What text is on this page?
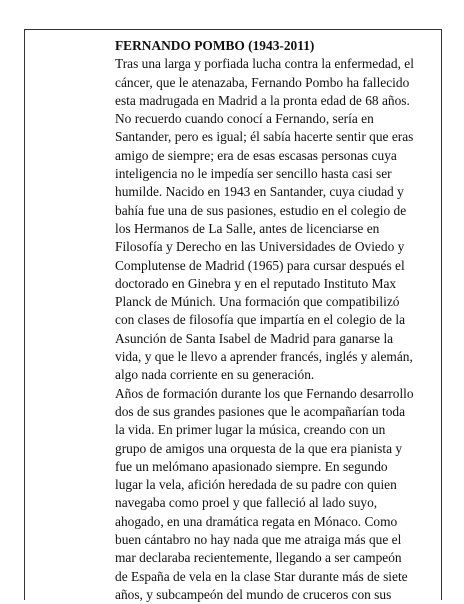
FERNANDO POMBO (1943-2011)

Tras una larga y porfiada lucha contra la enfermedad, el
cáncer, que le atenazaba, Fernando Pombo ha fallecido
esta madrugada en Madrid a la pronta edad de 68 años.

No recuerdo cuando conocí a Fernando, sería en
Santander, pero es igual; él sabía hacerte sentir que eras
amigo de siempre; era de esas escasas personas cuya
inteligencia no le impedía ser sencillo hasta casi ser
humilde. Nacido en 1943 en Santander, cuya ciudad y
bahía fue una de sus pasiones, estudio en el colegio de
los Hermanos de La Salle, antes de licenciarse en
Filosofía y Derecho en las Universidades de Oviedo y
Complutense de Madrid (1965) para cursar después el
doctorado en Ginebra y en el reputado Instituto Max
Planck de Múnich. Una formación que compatibilizó
con clases de filosofía que impartía en el colegio de la
Asunción de Santa Isabel de Madrid para ganarse la
vida, y que le llevo a aprender francés, inglés y alemán,
algo nada corriente en su generación.

Años de formación durante los que Fernando desarrollo
dos de sus grandes pasiones que le acompañarían toda
la vida. En primer lugar la música, creando con un
grupo de amigos una orquesta de la que era pianista y
fue un melómano apasionado siempre. En segundo
lugar la vela, afición heredada de su padre con quien
navegaba como proel y que falleció al lado suyo,
ahogado, en una dramática regata en Mónaco. Como
buen cántabro no hay nada que me atraiga más que el
mar declaraba recientemente, llegando a ser campeón
de España de vela en la clase Star durante más de siete
años, y subcampeón del mundo de cruceros con sus
